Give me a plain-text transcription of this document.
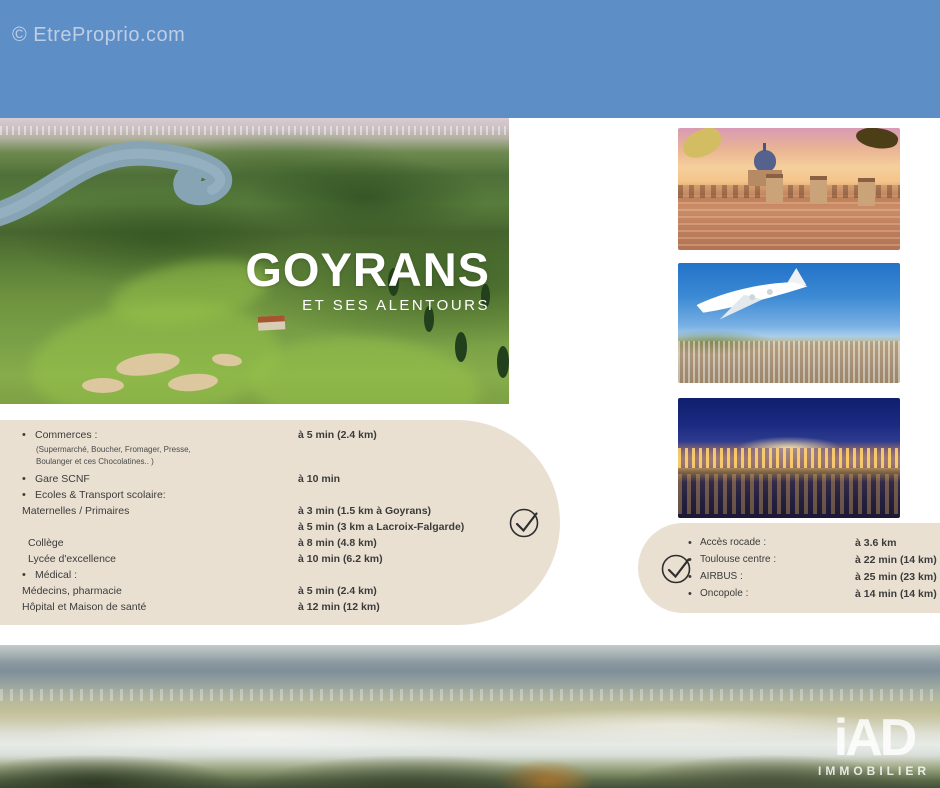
© EtreProprio.com
GOYRANS
ET SES ALENTOURS
• Commerces :	à 5 min (2.4 km)
(Supermarché, Boucher, Fromager, Presse,
Boulanger et ces Chocolatines.. )
• Gare SCNF	à 10 min
• Ecoles & Transport scolaire:
Maternelles / Primaires	à 3 min (1.5 km à Goyrans)
à 5 min (3 km a Lacroix-Falgarde)
Collège	à 8 min (4.8 km)
Lycée d'excellence	à 10 min (6.2 km)
• Médical :
Médecins, pharmacie	à 5 min (2.4 km)
Hôpital et Maison de santé	à 12 min (12 km)
• Accès rocade :	à 3.6 km
• Toulouse centre :	à 22 min (14 km)
• AIRBUS :	à 25 min (23 km)
• Oncopole :	à 14 min (14 km)
iAD
IMMOBILIER
